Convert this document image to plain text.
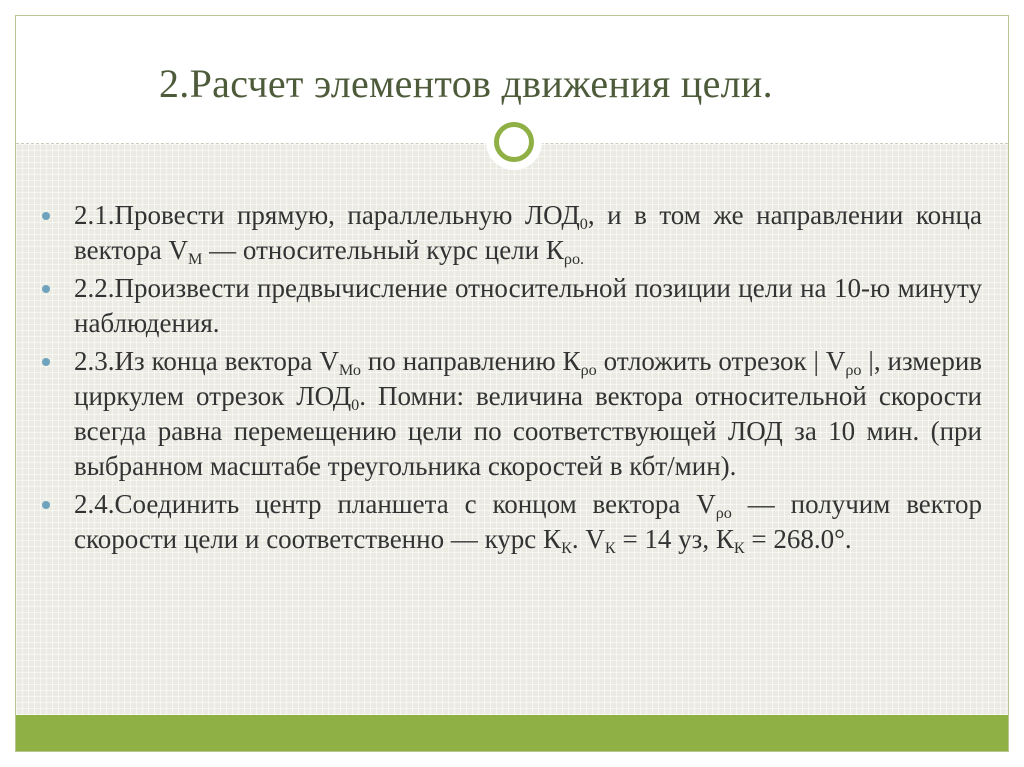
2.Расчет элементов движения цели.
2.1.Провести прямую, параллельную $ЛОД_0$, и в том же направлении конца вектора $V_М$ — относительный курс цели $К_{\rho о.}$
2.2.Произвести предвычисление относительной позиции цели на 10-ю минуту наблюдения.
2.3.Из конца вектора $V_{Мо}$ по направлению $К_{\rho о}$ отложить отрезок | $V_{\rho о}$ |, измерив циркулем отрезок $ЛОД_0$. Помни: величина вектора относительной скорости всегда равна перемещению цели по соответствующей ЛОД за 10 мин. (при выбранном масштабе треугольника скоростей в кбт/мин).
2.4.Соединить центр планшета с концом вектора $V_{\rho о}$ — получим вектор скорости цели и соответственно — курс $К_К$. $V_К = 14$ уз, $К_К = 268.0^\circ$.
